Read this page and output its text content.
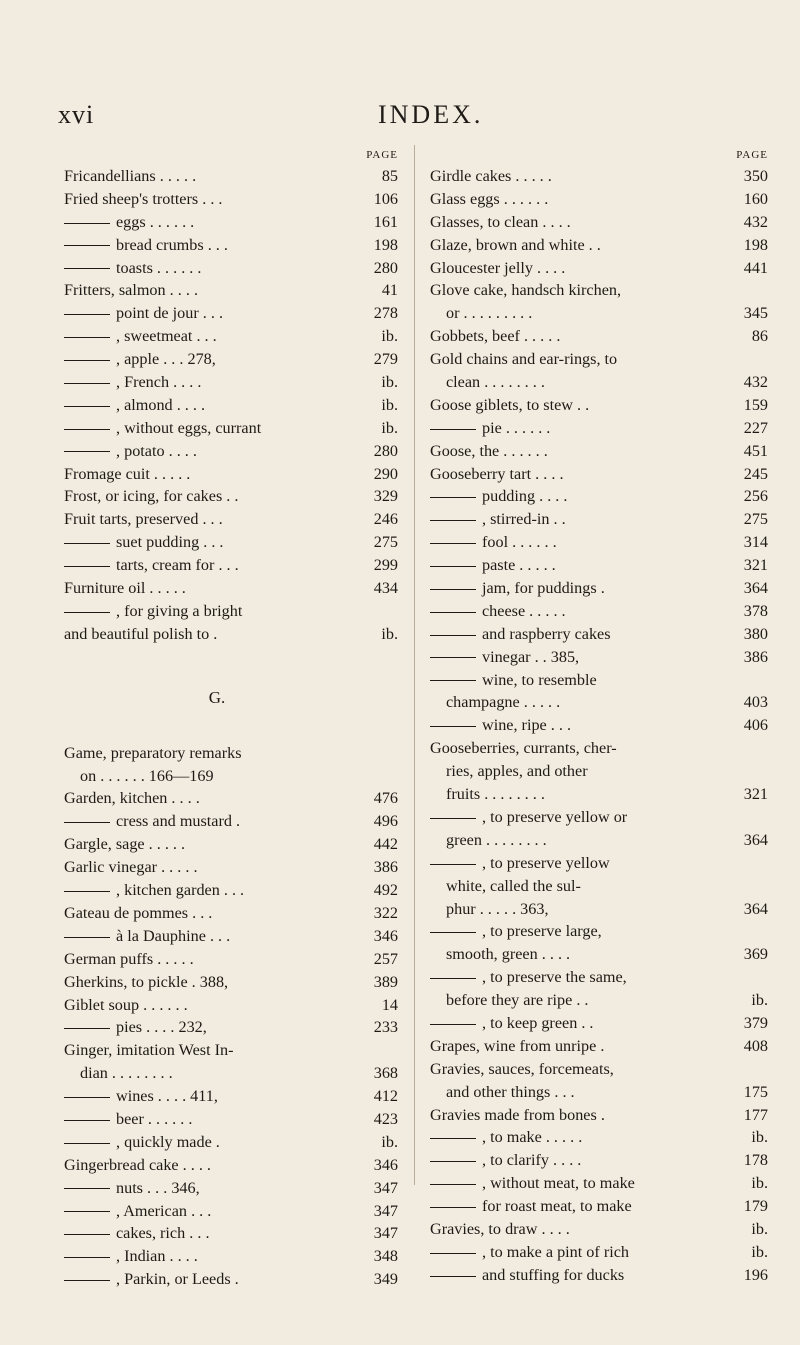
xvi	INDEX.
PAGE
Fricandellians . . . . .	85
Fried sheep's trotters . . .	106
eggs . . . . . .	161
bread crumbs . . .	198
toasts . . . . . .	280
Fritters, salmon . . . .	41
point de jour . . .	278
, sweetmeat . . .	ib.
, apple . . . 278,	279
, French . . . .	ib.
, almond . . . .	ib.
, without eggs, currant	ib.
, potato . . . .	280
Fromage cuit . . . . .	290
Frost, or icing, for cakes . .	329
Fruit tarts, preserved . . .	246
suet pudding . . .	275
tarts, cream for . . .	299
Furniture oil . . . . .	434
, for giving a bright
and beautiful polish to .	ib.
G.
Game, preparatory remarks
on . . . . . . 166—169
Garden, kitchen . . . .	476
cress and mustard .	496
Gargle, sage . . . . .	442
Garlic vinegar . . . . .	386
, kitchen garden . . .	492
Gateau de pommes . . .	322
à la Dauphine . . .	346
German puffs . . . . .	257
Gherkins, to pickle . 388,	389
Giblet soup . . . . . .	14
pies . . . . 232,	233
Ginger, imitation West In-
dian . . . . . . . .	368
wines . . . . 411,	412
beer . . . . . .	423
, quickly made .	ib.
Gingerbread cake . . . .	346
nuts . . . 346,	347
, American . . .	347
cakes, rich . . .	347
, Indian . . . .	348
, Parkin, or Leeds .	349
PAGE
Girdle cakes . . . . .	350
Glass eggs . . . . . .	160
Glasses, to clean . . . .	432
Glaze, brown and white . .	198
Gloucester jelly . . . .	441
Glove cake, handsch kirchen,
or . . . . . . . . .	345
Gobbets, beef . . . . .	86
Gold chains and ear-rings, to
clean . . . . . . . .	432
Goose giblets, to stew . .	159
pie . . . . . .	227
Goose, the . . . . . .	451
Gooseberry tart . . . .	245
pudding . . . .	256
, stirred-in . .	275
fool . . . . . .	314
paste . . . . .	321
jam, for puddings .	364
cheese . . . . .	378
and raspberry cakes	380
vinegar . . 385,	386
wine, to resemble
champagne . . . . .	403
wine, ripe . . .	406
Gooseberries, currants, cher-
ries, apples, and other
fruits . . . . . . . .	321
, to preserve yellow or
green . . . . . . . .	364
, to preserve yellow
white, called the sul-
phur . . . . . 363,	364
, to preserve large,
smooth, green . . . .	369
, to preserve the same,
before they are ripe . .	ib.
, to keep green . .	379
Grapes, wine from unripe .	408
Gravies, sauces, forcemeats,
and other things . . .	175
Gravies made from bones .	177
, to make . . . . .	ib.
, to clarify . . . .	178
, without meat, to make	ib.
for roast meat, to make	179
Gravies, to draw . . . .	ib.
, to make a pint of rich	ib.
and stuffing for ducks	196
